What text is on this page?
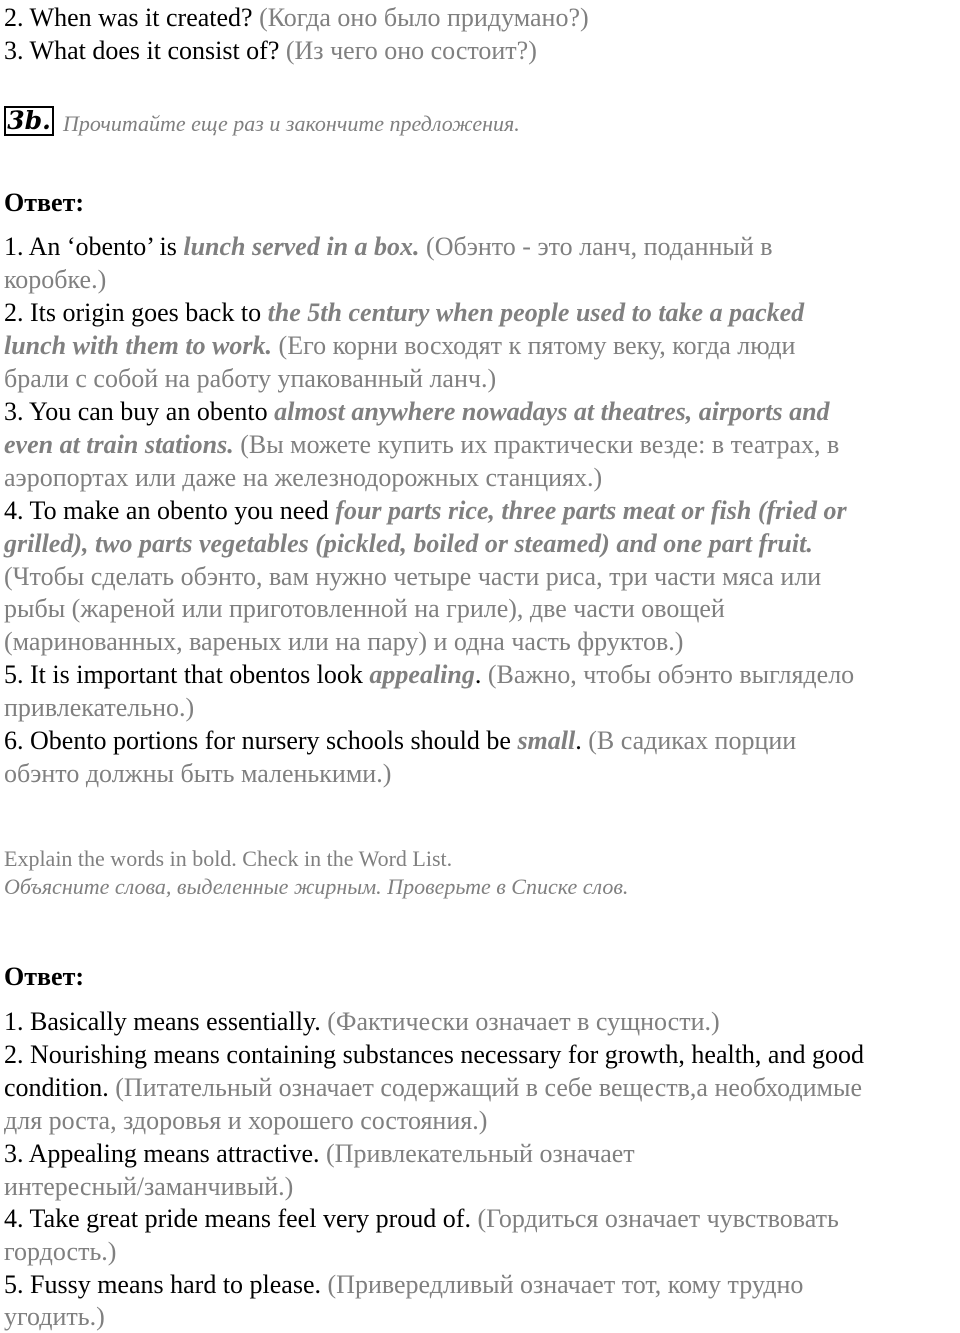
2. When was it created? (Когда оно было придумано?)
3. What does it consist of? (Из чего оно состоит?)
3b. Прочитайте еще раз и закончите предложения.
Ответ:
1. An ‘obento’ is lunch served in a box. (Обэнто - это ланч, поданный в
коробке.)
2. Its origin goes back to the 5th century when people used to take a packed
lunch with them to work. (Его корни восходят к пятому веку, когда люди
брали с собой на работу упакованный ланч.)
3. You can buy an obento almost anywhere nowadays at theatres, airports and
even at train stations. (Вы можете купить их практически везде: в театрах, в
аэропортах или даже на железнодорожных станциях.)
4. To make an obento you need four parts rice, three parts meat or fish (fried or
grilled), two parts vegetables (pickled, boiled or steamed) and one part fruit.
(Чтобы сделать обэнто, вам нужно четыре части риса, три части мяса или
рыбы (жареной или приготовленной на гриле), две части овощей
(маринованных, вареных или на пару) и одна часть фруктов.)
5. It is important that obentos look appealing. (Важно, чтобы обэнто выглядело
привлекательно.)
6. Obento portions for nursery schools should be small. (В садиках порции
обэнто должны быть маленькими.)
Explain the words in bold. Check in the Word List.
Объясните слова, выделенные жирным. Проверьте в Списке слов.
Ответ:
1. Basically means essentially. (Фактически означает в сущности.)
2. Nourishing means containing substances necessary for growth, health, and good
condition. (Питательный означает содержащий в себе веществ,а необходимые
для роста, здоровья и хорошего состояния.)
3. Appealing means attractive. (Привлекательный означает
интересный/заманчивый.)
4. Take great pride means feel very proud of. (Гордиться означает чувствовать
гордость.)
5. Fussy means hard to please. (Привередливый означает тот, кому трудно
угодить.)
